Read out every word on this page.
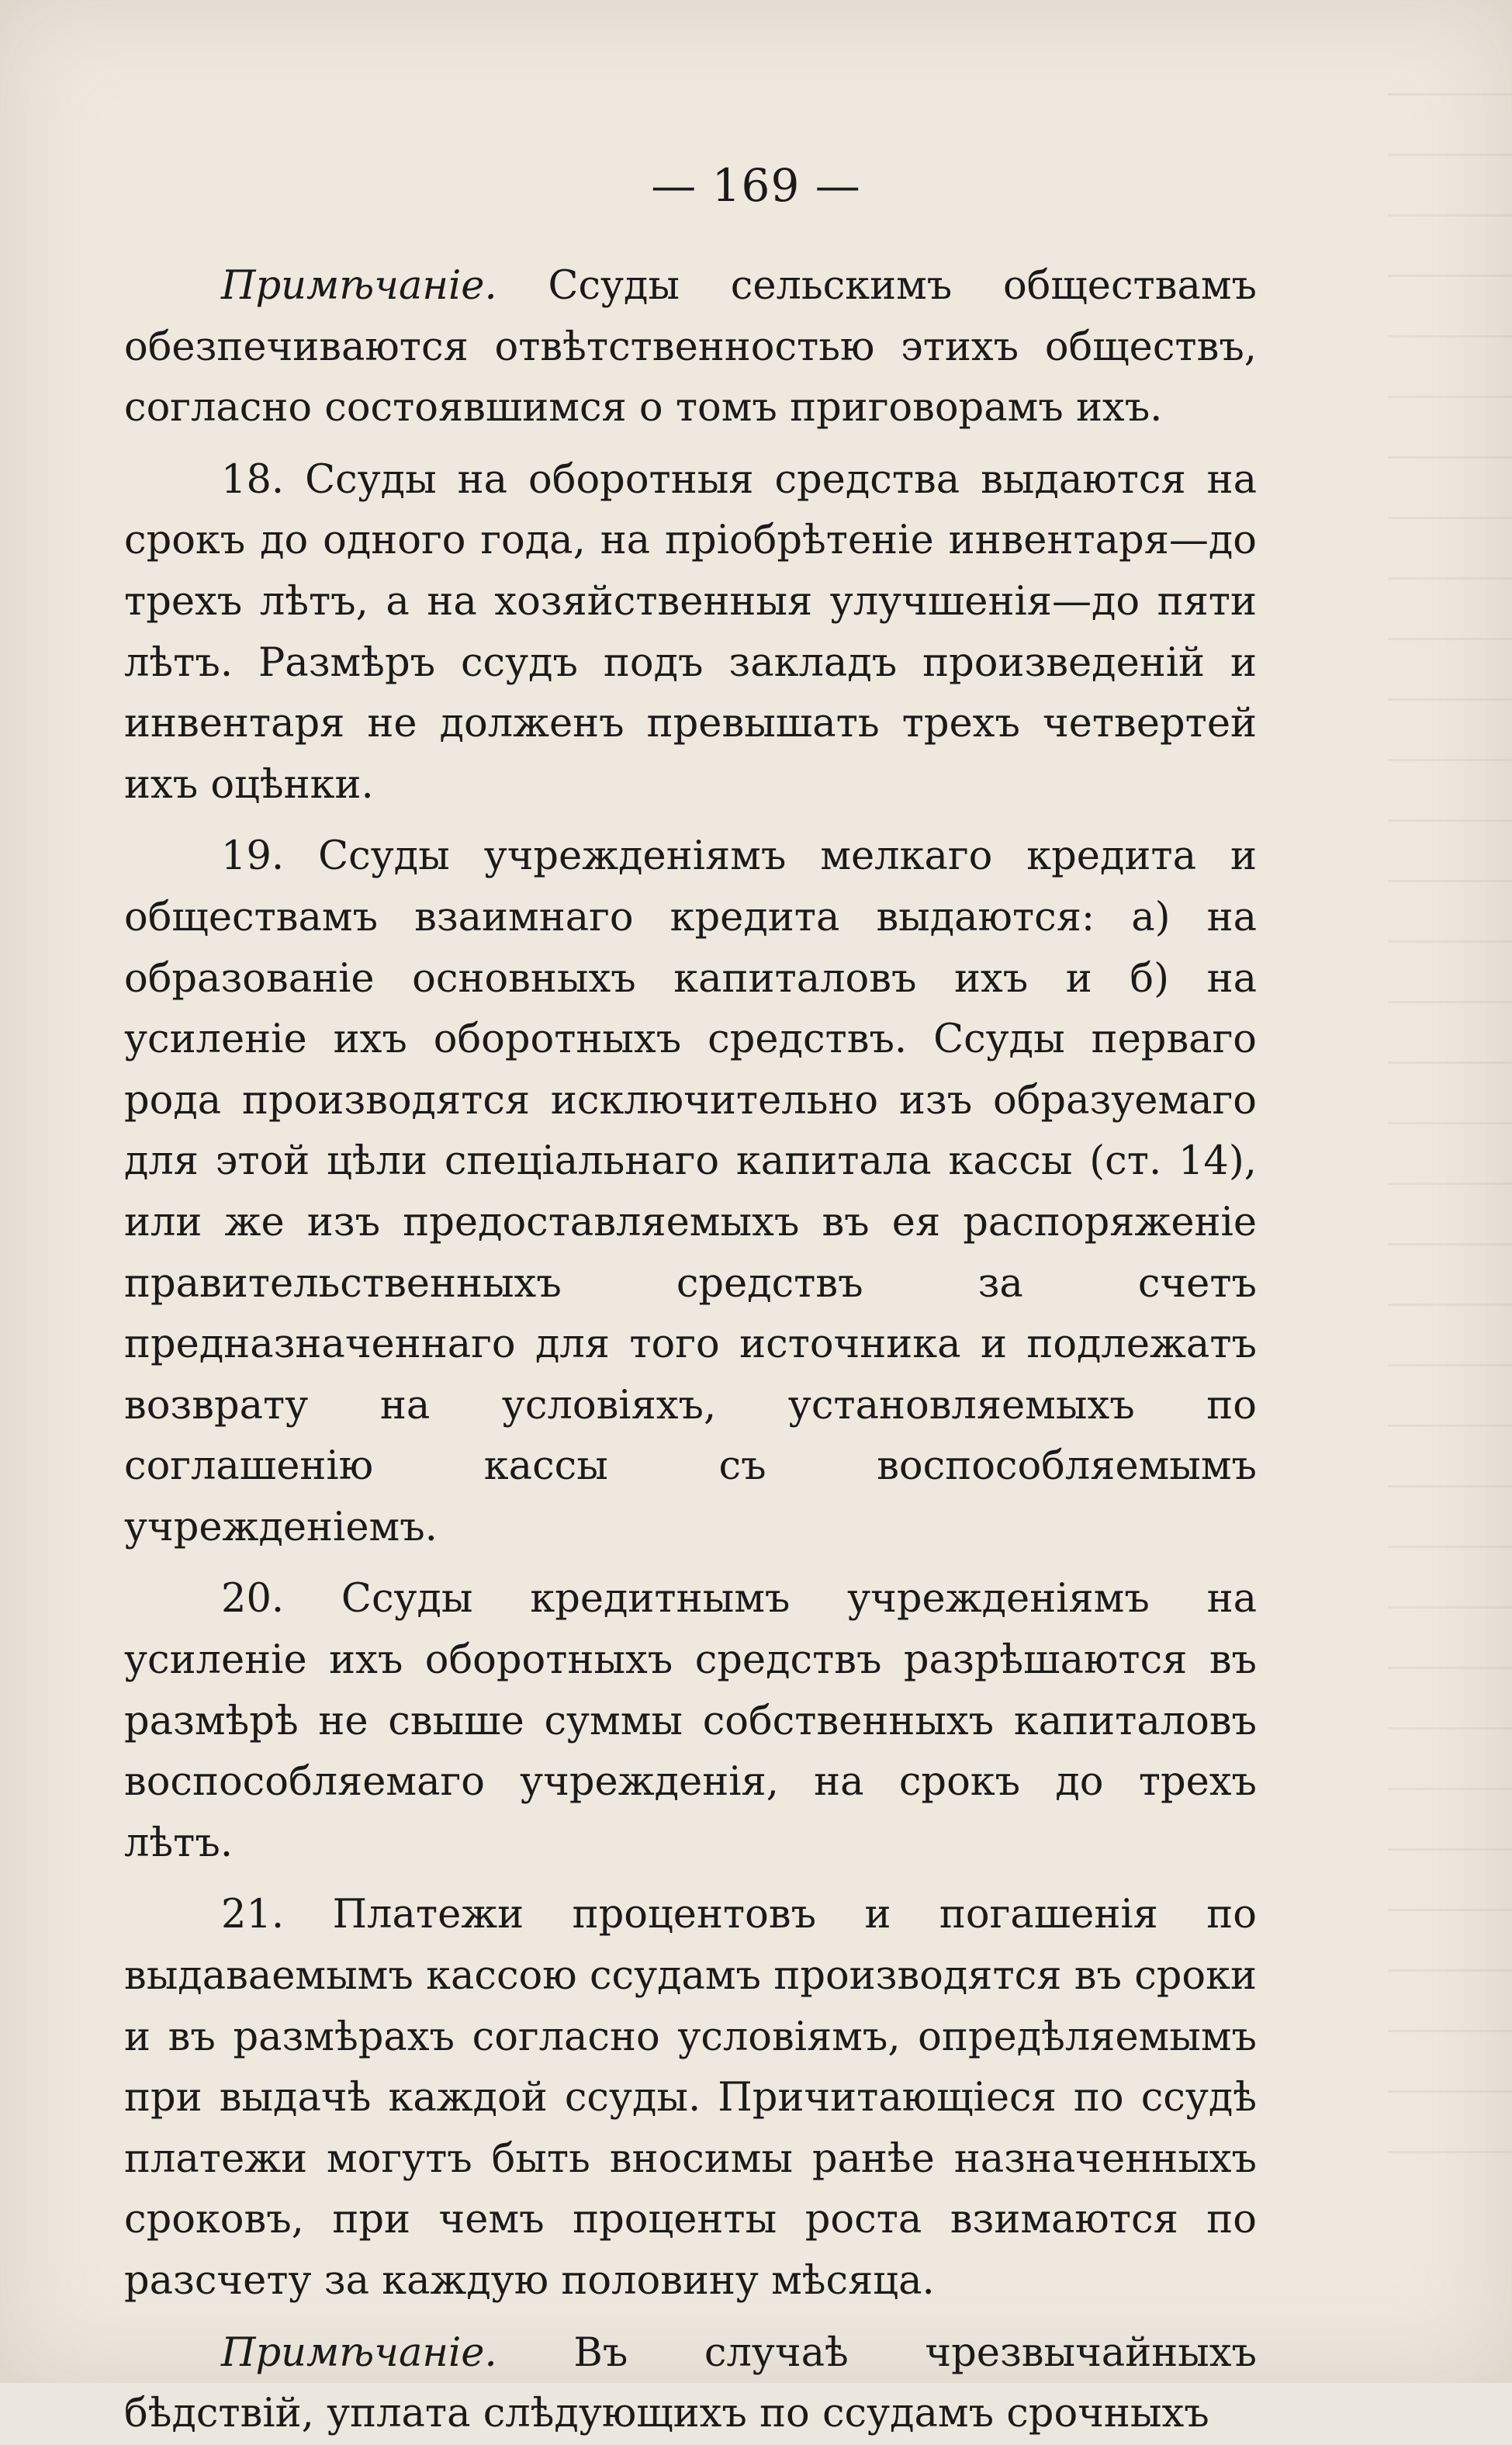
— 169 —

Примѣчаніе. Ссуды сельскимъ обществамъ обезпечиваются отвѣтственностью этихъ обществъ, согласно состоявшимся о томъ приговорамъ ихъ.

18. Ссуды на оборотныя средства выдаются на срокъ до одного года, на пріобрѣтеніе инвентаря—до трехъ лѣтъ, а на хозяйственныя улучшенія—до пяти лѣтъ. Размѣръ ссудъ подъ закладъ произведеній и инвентаря не долженъ превышать трехъ четвертей ихъ оцѣнки.

19. Ссуды учрежденіямъ мелкаго кредита и обществамъ взаимнаго кредита выдаются: а) на образованіе основныхъ капиталовъ ихъ и б) на усиленіе ихъ оборотныхъ средствъ. Ссуды перваго рода производятся исключительно изъ образуемаго для этой цѣли спеціальнаго капитала кассы (ст. 14), или же изъ предоставляемыхъ въ ея распоряженіе правительственныхъ средствъ за счетъ предназначеннаго для того источника и подлежатъ возврату на условіяхъ, установляемыхъ по соглашенію кассы съ воспособляемымъ учрежденіемъ.

20. Ссуды кредитнымъ учрежденіямъ на усиленіе ихъ оборотныхъ средствъ разрѣшаются въ размѣрѣ не свыше суммы собственныхъ капиталовъ воспособляемаго учрежденія, на срокъ до трехъ лѣтъ.

21. Платежи процентовъ и погашенія по выдаваемымъ кассою ссудамъ производятся въ сроки и въ размѣрахъ согласно условіямъ, опредѣляемымъ при выдачѣ каждой ссуды. Причитающіеся по ссудѣ платежи могутъ быть вносимы ранѣе назначенныхъ сроковъ, при чемъ проценты роста взимаются по разсчету за каждую половину мѣсяца.

Примѣчаніе. Въ случаѣ чрезвычайныхъ бѣдствій, уплата слѣдующихъ по ссудамъ срочныхъ
